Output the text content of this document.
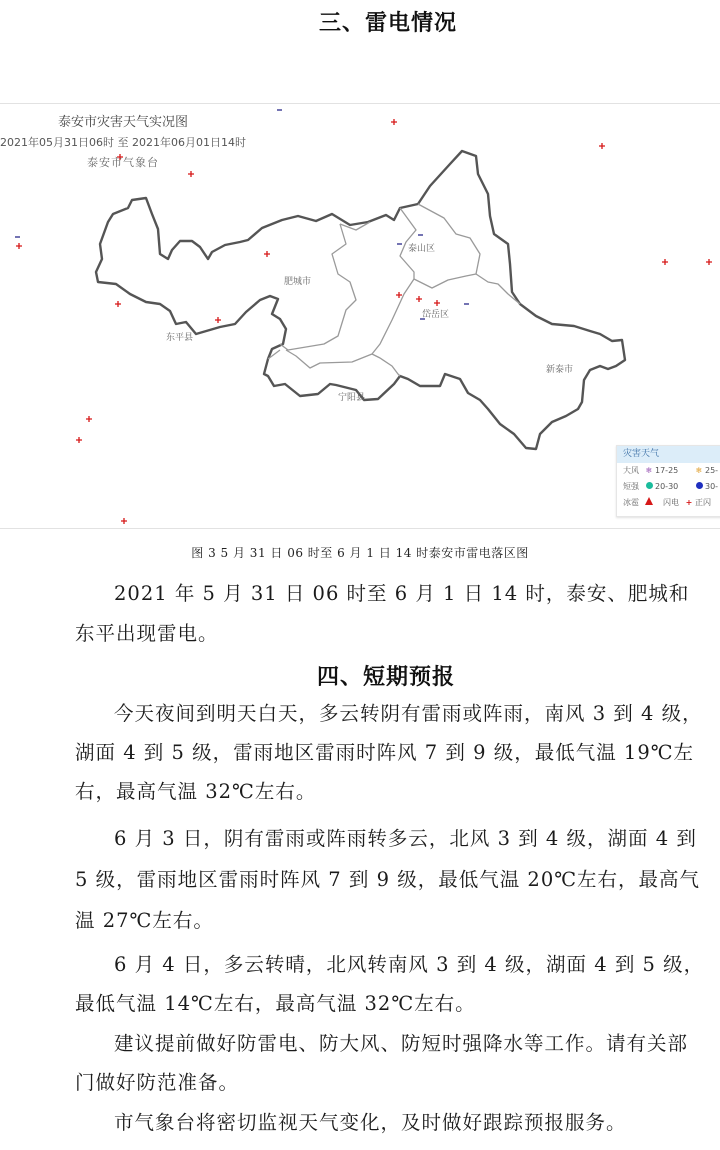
三、雷电情况
泰安市灾害天气实况图
2021年05月31日06时 至 2021年06月01日14时
泰安市气象台
肥城市
泰山区
岱岳区
东平县
宁阳县
新泰市
灾害天气
大风 ❄ 17-25	❄ 25-
短强	20-30	30-
冰雹	闪电 + 正闪
图 3 5 月 31 日 06 时至 6 月 1 日 14 时泰安市雷电落区图

2021 年 5 月 31 日 06 时至 6 月 1 日 14 时，泰安、肥城和东平出现雷电。

四、短期预报

今天夜间到明天白天，多云转阴有雷雨或阵雨，南风 3 到 4 级，湖面 4 到 5 级，雷雨地区雷雨时阵风 7 到 9 级，最低气温 19℃左右，最高气温 32℃左右。

6 月 3 日，阴有雷雨或阵雨转多云，北风 3 到 4 级，湖面 4 到 5 级，雷雨地区雷雨时阵风 7 到 9 级，最低气温 20℃左右，最高气温 27℃左右。

6 月 4 日，多云转晴，北风转南风 3 到 4 级，湖面 4 到 5 级，最低气温 14℃左右，最高气温 32℃左右。

建议提前做好防雷电、防大风、防短时强降水等工作。请有关部门做好防范准备。

市气象台将密切监视天气变化，及时做好跟踪预报服务。
